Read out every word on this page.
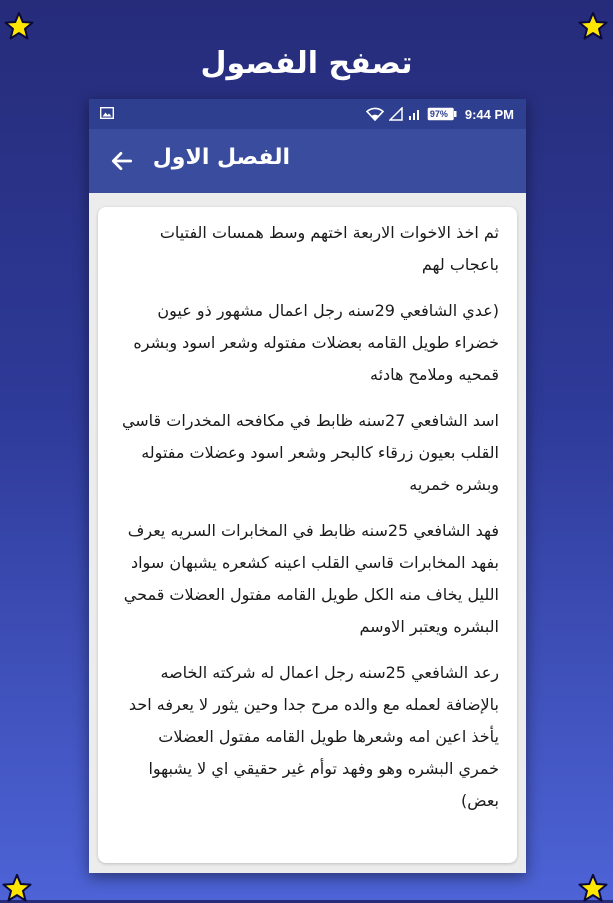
تصفح الفصول
97% 9:44 PM
الفصل الاول

ثم اخذ الاخوات الاربعة اختهم وسط همسات الفتيات باعجاب لهم

(عدي الشافعي 29سنه رجل اعمال مشهور ذو عيون خضراء طويل القامه بعضلات مفتوله وشعر اسود وبشره قمحيه وملامح هادئه

اسد الشافعي 27سنه ظابط في مكافحه المخدرات قاسي القلب بعيون زرقاء كالبحر وشعر اسود وعضلات مفتوله وبشره خمريه

فهد الشافعي 25سنه ظابط في المخابرات السريه يعرف بفهد المخابرات قاسي القلب اعينه كشعره يشبهان سواد الليل يخاف منه الكل طويل القامه مفتول العضلات قمحي البشره ويعتبر الاوسم

رعد الشافعي 25سنه رجل اعمال له شركته الخاصه بالإضافة لعمله مع والده مرح جدا وحين يثور لا يعرفه احد يأخذ اعين امه وشعرها طويل القامه مفتول العضلات خمري البشره وهو وفهد توأم غير حقيقي اي لا يشبهوا بعض)
